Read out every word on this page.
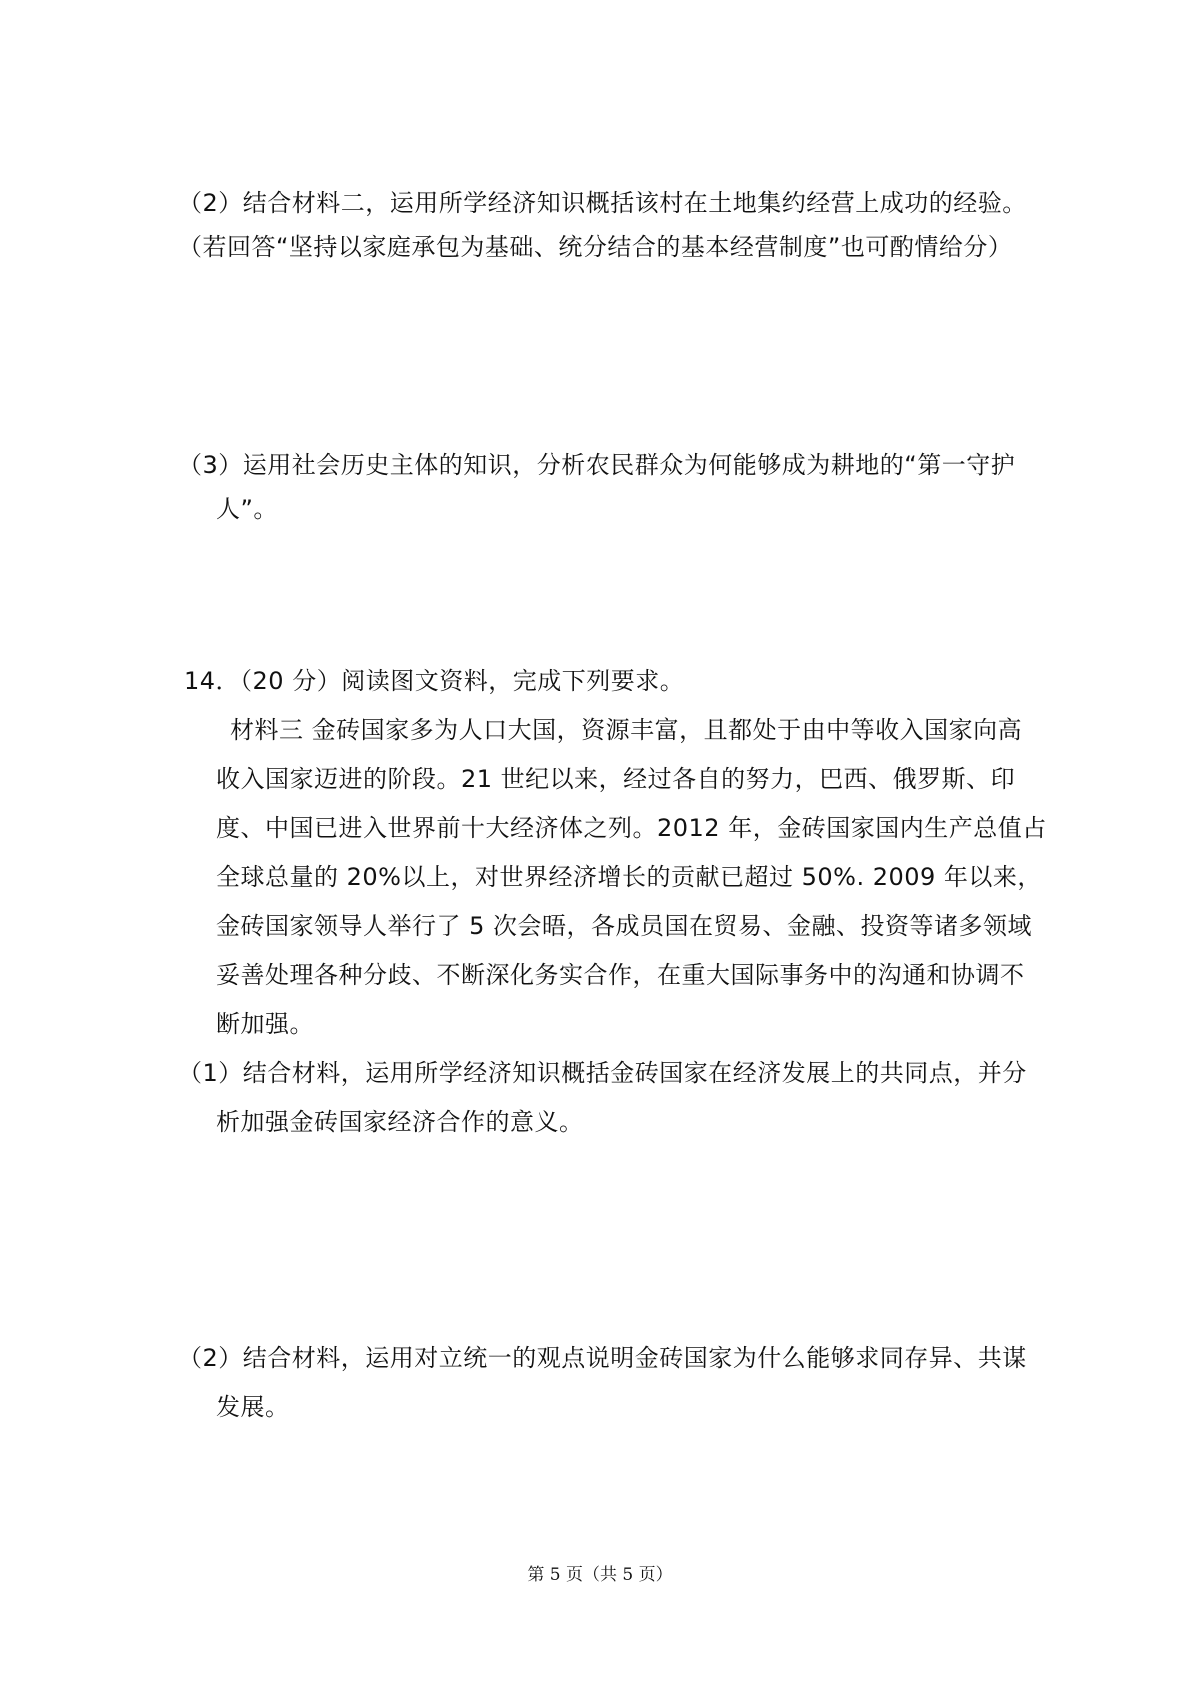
（2）结合材料二，运用所学经济知识概括该村在土地集约经营上成功的经验。
（若回答“坚持以家庭承包为基础、统分结合的基本经营制度”也可酌情给分）
（3）运用社会历史主体的知识，分析农民群众为何能够成为耕地的“第一守护
人”。
14．（20 分）阅读图文资料，完成下列要求。
材料三 金砖国家多为人口大国，资源丰富，且都处于由中等收入国家向高
收入国家迈进的阶段。21 世纪以来，经过各自的努力，巴西、俄罗斯、印
度、中国已进入世界前十大经济体之列。2012 年，金砖国家国内生产总值占
全球总量的 20%以上，对世界经济增长的贡献已超过 50%. 2009 年以来，
金砖国家领导人举行了 5 次会晤，各成员国在贸易、金融、投资等诸多领域
妥善处理各种分歧、不断深化务实合作，在重大国际事务中的沟通和协调不
断加强。
（1）结合材料，运用所学经济知识概括金砖国家在经济发展上的共同点，并分
析加强金砖国家经济合作的意义。
（2）结合材料，运用对立统一的观点说明金砖国家为什么能够求同存异、共谋
发展。
第 5 页（共 5 页）
